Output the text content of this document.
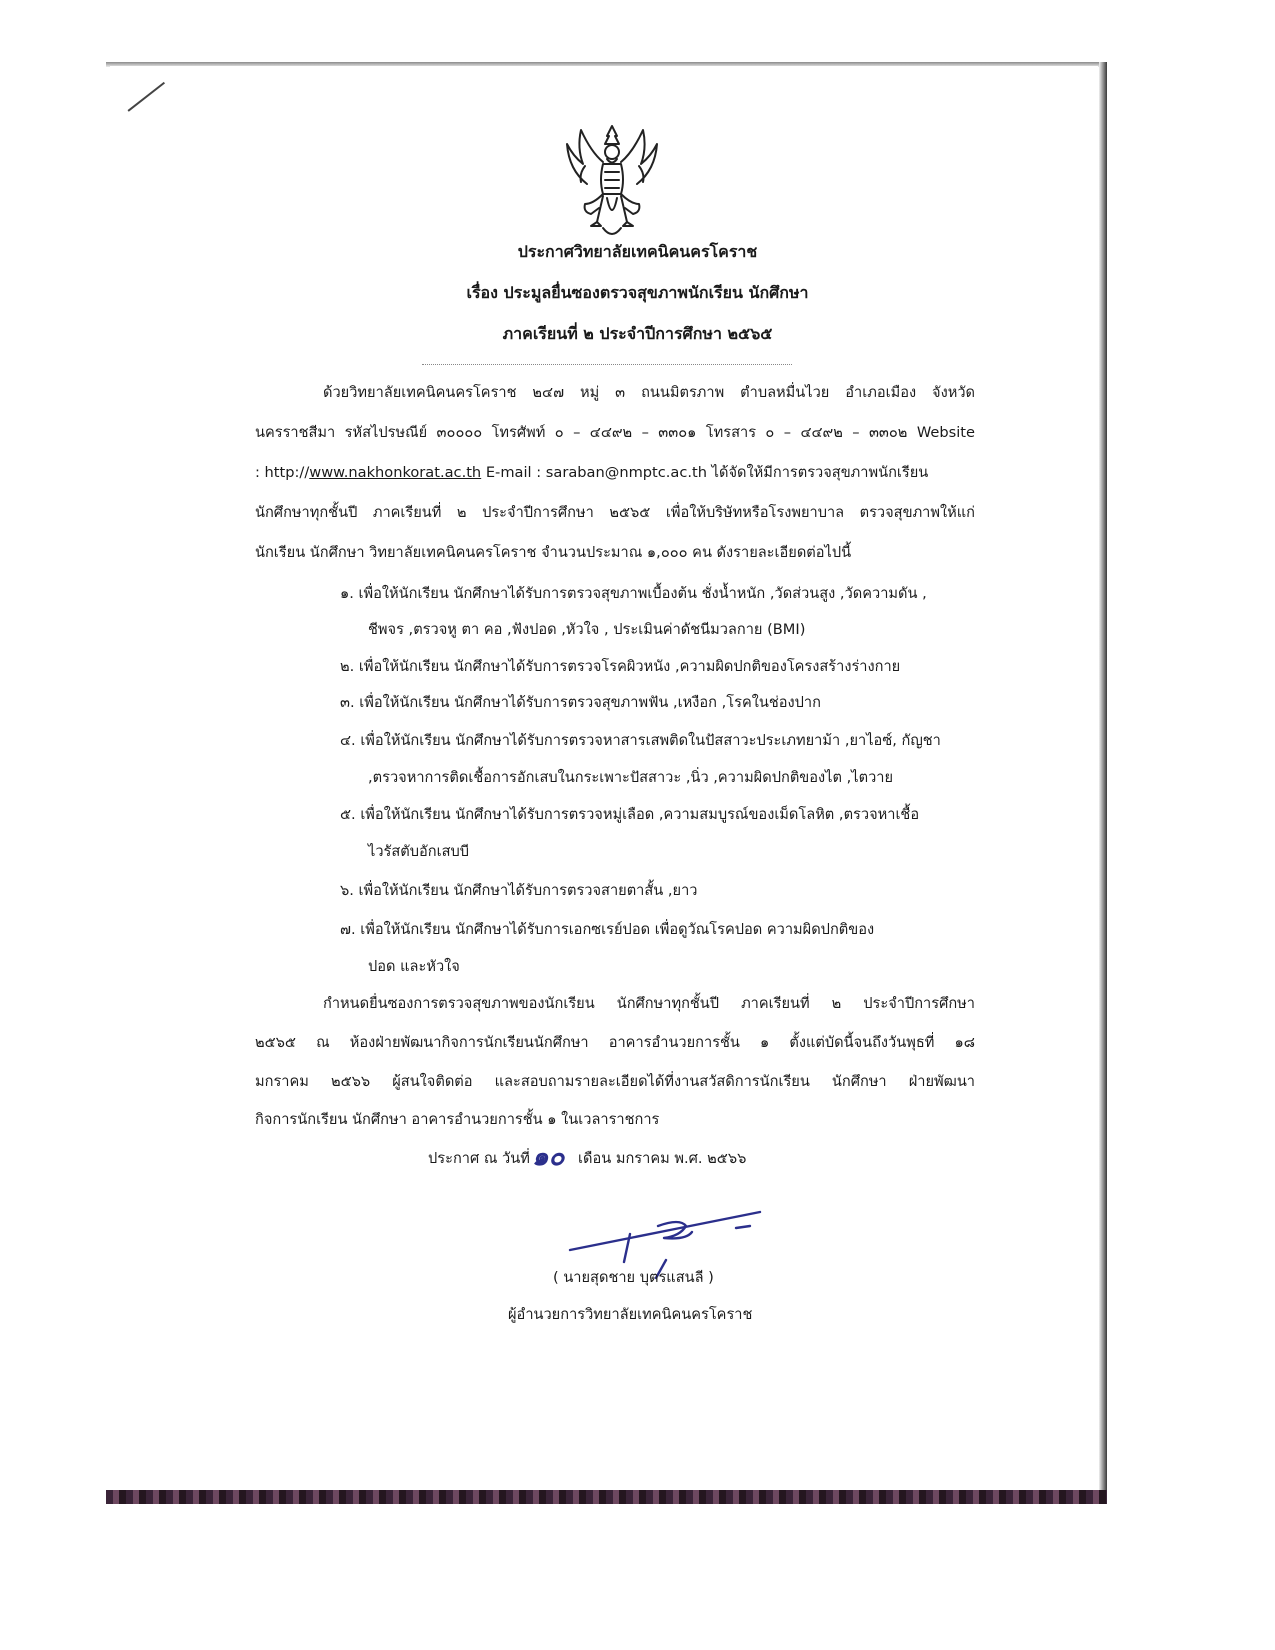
ประกาศวิทยาลัยเทคนิคนครโคราช
เรื่อง ประมูลยื่นซองตรวจสุขภาพนักเรียน นักศึกษา
ภาคเรียนที่ ๒ ประจำปีการศึกษา ๒๕๖๕
ด้วยวิทยาลัยเทคนิคนครโคราช ๒๔๗ หมู่ ๓ ถนนมิตรภาพ ตำบลหมื่นไวย อำเภอเมือง จังหวัด
นครราชสีมา รหัสไปรษณีย์ ๓๐๐๐๐ โทรศัพท์ ๐ – ๔๔๙๒ – ๓๓๐๑ โทรสาร ๐ – ๔๔๙๒ – ๓๓๐๒ Website
: http://www.nakhonkorat.ac.th E-mail : saraban@nmptc.ac.th ได้จัดให้มีการตรวจสุขภาพนักเรียน
นักศึกษาทุกชั้นปี ภาคเรียนที่ ๒ ประจำปีการศึกษา ๒๕๖๕ เพื่อให้บริษัทหรือโรงพยาบาล ตรวจสุขภาพให้แก่
นักเรียน นักศึกษา วิทยาลัยเทคนิคนครโคราช จำนวนประมาณ ๑,๐๐๐ คน ดังรายละเอียดต่อไปนี้
๑. เพื่อให้นักเรียน นักศึกษาได้รับการตรวจสุขภาพเบื้องต้น ชั่งน้ำหนัก ,วัดส่วนสูง ,วัดความดัน ,
ชีพจร ,ตรวจหู ตา คอ ,ฟังปอด ,หัวใจ , ประเมินค่าดัชนีมวลกาย (BMI)
๒. เพื่อให้นักเรียน นักศึกษาได้รับการตรวจโรคผิวหนัง ,ความผิดปกติของโครงสร้างร่างกาย
๓. เพื่อให้นักเรียน นักศึกษาได้รับการตรวจสุขภาพฟัน ,เหงือก ,โรคในช่องปาก
๔. เพื่อให้นักเรียน นักศึกษาได้รับการตรวจหาสารเสพติดในปัสสาวะประเภทยาม้า ,ยาไอซ์, กัญชา
,ตรวจหาการติดเชื้อการอักเสบในกระเพาะปัสสาวะ ,นิ่ว ,ความผิดปกติของไต ,ไตวาย
๕. เพื่อให้นักเรียน นักศึกษาได้รับการตรวจหมู่เลือด ,ความสมบูรณ์ของเม็ดโลหิต ,ตรวจหาเชื้อ
ไวรัสตับอักเสบบี
๖. เพื่อให้นักเรียน นักศึกษาได้รับการตรวจสายตาสั้น ,ยาว
๗. เพื่อให้นักเรียน นักศึกษาได้รับการเอกซเรย์ปอด เพื่อดูวัณโรคปอด ความผิดปกติของ
ปอด และหัวใจ
กำหนดยื่นซองการตรวจสุขภาพของนักเรียน นักศึกษาทุกชั้นปี ภาคเรียนที่ ๒ ประจำปีการศึกษา
๒๕๖๕ ณ ห้องฝ่ายพัฒนากิจการนักเรียนนักศึกษา อาคารอำนวยการชั้น ๑ ตั้งแต่บัดนี้จนถึงวันพุธที่ ๑๘
มกราคม ๒๕๖๖ ผู้สนใจติดต่อ และสอบถามรายละเอียดได้ที่งานสวัสดิการนักเรียน นักศึกษา ฝ่ายพัฒนา
กิจการนักเรียน นักศึกษา อาคารอำนวยการชั้น ๑ ในเวลาราชการ
ประกาศ ณ วันที่ ๑๐ เดือน มกราคม พ.ศ. ๒๕๖๖
( นายสุดชาย บุตรแสนลี )
ผู้อำนวยการวิทยาลัยเทคนิคนครโคราช
